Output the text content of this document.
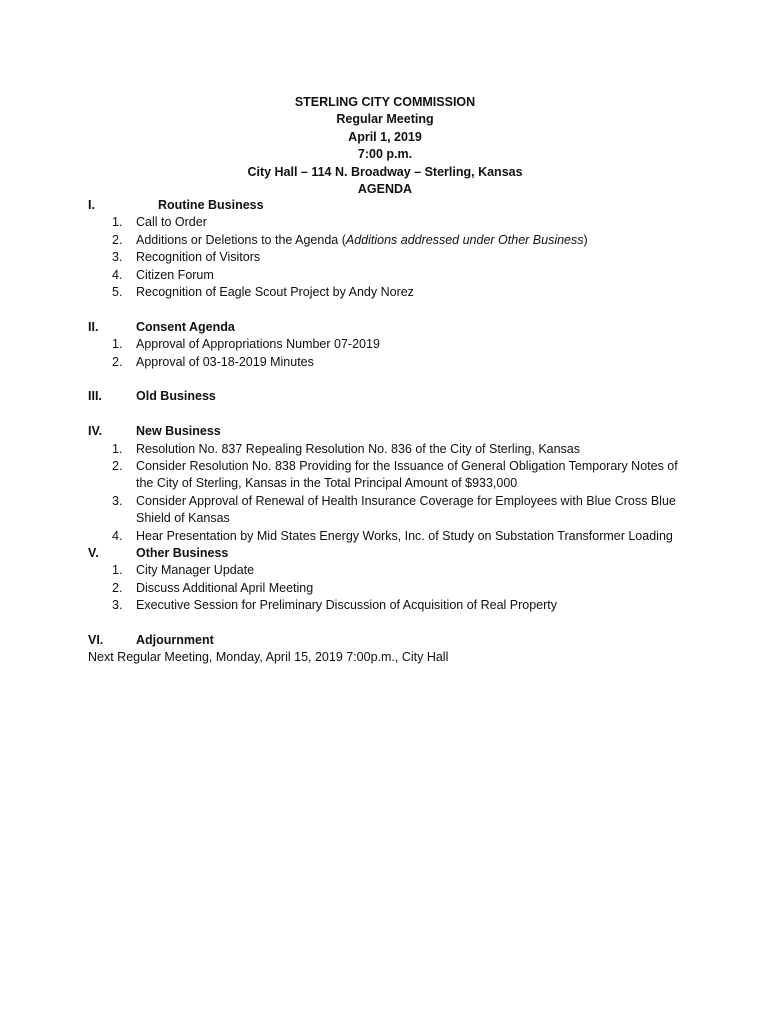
STERLING CITY COMMISSION
Regular Meeting
April 1, 2019
7:00 p.m.
City Hall – 114 N. Broadway – Sterling, Kansas
AGENDA
I.	Routine Business
1. Call to Order
2. Additions or Deletions to the Agenda (Additions addressed under Other Business)
3. Recognition of Visitors
4. Citizen Forum
5. Recognition of Eagle Scout Project by Andy Norez
II.	Consent Agenda
1. Approval of Appropriations Number 07-2019
2. Approval of 03-18-2019 Minutes
III.	Old Business
IV.	New Business
1. Resolution No. 837 Repealing Resolution No. 836 of the City of Sterling, Kansas
2. Consider Resolution No. 838 Providing for the Issuance of General Obligation Temporary Notes of the City of Sterling, Kansas in the Total Principal Amount of $933,000
3. Consider Approval of Renewal of Health Insurance Coverage for Employees with Blue Cross Blue Shield of Kansas
4. Hear Presentation by Mid States Energy Works, Inc. of Study on Substation Transformer Loading
V.	Other Business
1. City Manager Update
2. Discuss Additional April Meeting
3. Executive Session for Preliminary Discussion of Acquisition of Real Property
VI.	Adjournment
Next Regular Meeting, Monday, April 15, 2019 7:00p.m., City Hall
